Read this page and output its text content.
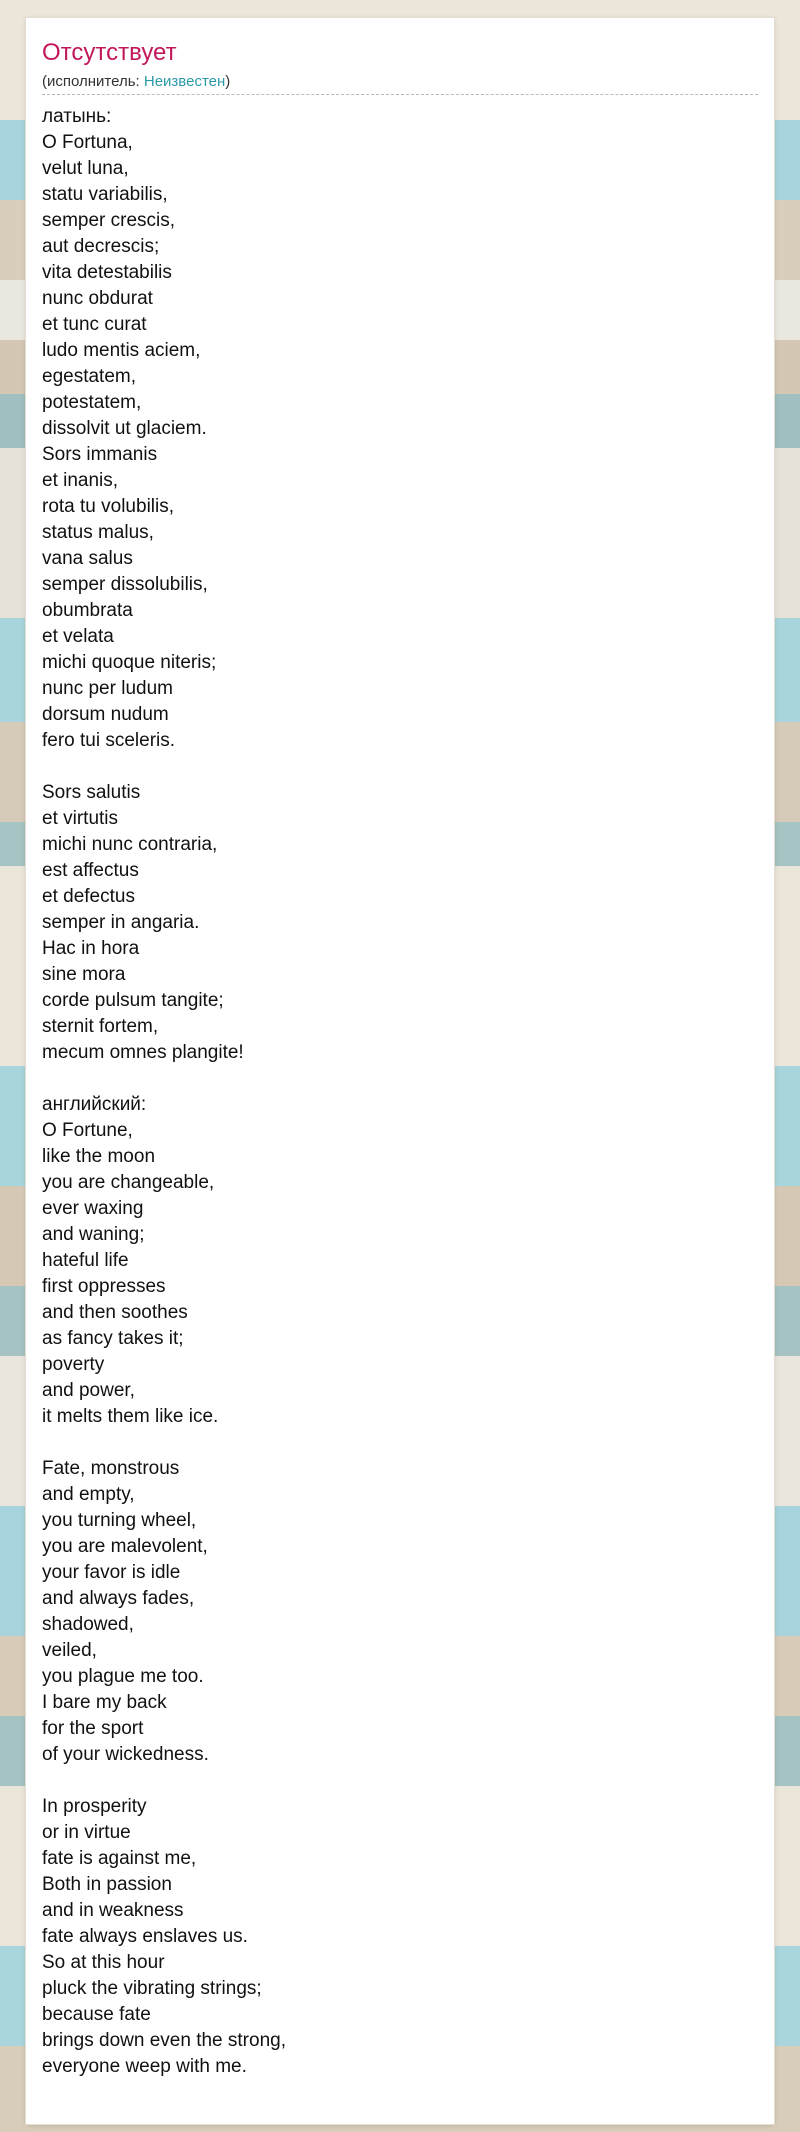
Отсутствует
(исполнитель: Неизвестен)
латынь:
O Fortuna,
velut luna,
statu variabilis,
semper crescis,
aut decrescis;
vita detestabilis
nunc obdurat
et tunc curat
ludo mentis aciem,
egestatem,
potestatem,
dissolvit ut glaciem.
Sors immanis
et inanis,
rota tu volubilis,
status malus,
vana salus
semper dissolubilis,
obumbrata
et velata
michi quoque niteris;
nunc per ludum
dorsum nudum
fero tui sceleris.
Sors salutis
et virtutis
michi nunc contraria,
est affectus
et defectus
semper in angaria.
Hac in hora
sine mora
corde pulsum tangite;
sternit fortem,
mecum omnes plangite!
английский:
O Fortune,
like the moon
you are changeable,
ever waxing
and waning;
hateful life
first oppresses
and then soothes
as fancy takes it;
poverty
and power,
it melts them like ice.
Fate, monstrous
and empty,
you turning wheel,
you are malevolent,
your favor is idle
and always fades,
shadowed,
veiled,
you plague me too.
I bare my back
for the sport
of your wickedness.
In prosperity
or in virtue
fate is against me,
Both in passion
and in weakness
fate always enslaves us.
So at this hour
pluck the vibrating strings;
because fate
brings down even the strong,
everyone weep with me.
